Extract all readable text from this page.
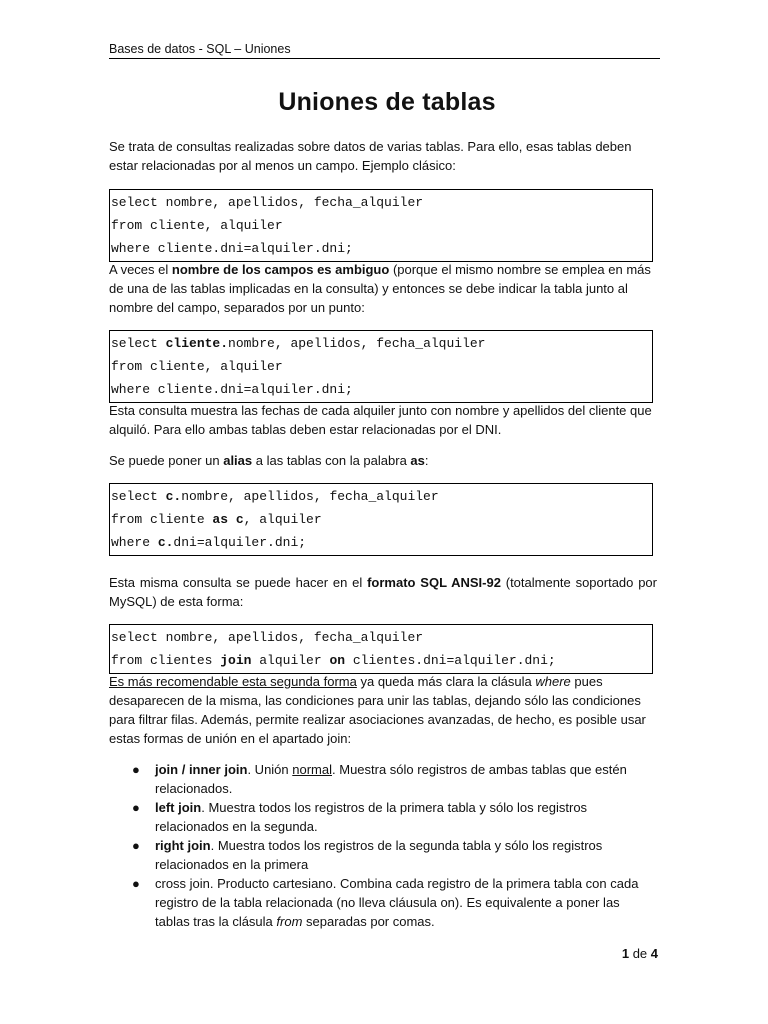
Bases de datos - SQL – Uniones
Uniones de tablas
Se trata de consultas realizadas sobre datos de varias tablas. Para ello, esas tablas deben estar relacionadas por al menos un campo. Ejemplo clásico:
select nombre, apellidos, fecha_alquiler
from cliente, alquiler
where cliente.dni=alquiler.dni;
A veces el nombre de los campos es ambiguo (porque el mismo nombre se emplea en más de una de las tablas implicadas en la consulta) y entonces se debe indicar la tabla junto al nombre del campo, separados por un punto:
select cliente.nombre, apellidos, fecha_alquiler
from cliente, alquiler
where cliente.dni=alquiler.dni;
Esta consulta muestra las fechas de cada alquiler junto con nombre y apellidos del cliente que alquiló. Para ello ambas tablas deben estar relacionadas por el DNI.
Se puede poner un alias a las tablas con la palabra as:
select c.nombre, apellidos, fecha_alquiler
from cliente as c, alquiler
where c.dni=alquiler.dni;
Esta misma consulta se puede hacer en el formato SQL ANSI-92 (totalmente soportado por MySQL) de esta forma:
select nombre, apellidos, fecha_alquiler
from clientes join alquiler on clientes.dni=alquiler.dni;
Es más recomendable esta segunda forma ya queda más clara la clásula where pues desaparecen de la misma, las condiciones para unir las tablas, dejando sólo las condiciones para filtrar filas. Además, permite realizar asociaciones avanzadas, de hecho, es posible usar estas formas de unión en el apartado join:
● join / inner join. Unión normal. Muestra sólo registros de ambas tablas que estén relacionados.
● left join. Muestra todos los registros de la primera tabla y sólo los registros relacionados en la segunda.
● right join. Muestra todos los registros de la segunda tabla y sólo los registros relacionados en la primera
● cross join. Producto cartesiano. Combina cada registro de la primera tabla con cada registro de la tabla relacionada (no lleva cláusula on). Es equivalente a poner las tablas tras la clásula from separadas por comas.
1 de 4
